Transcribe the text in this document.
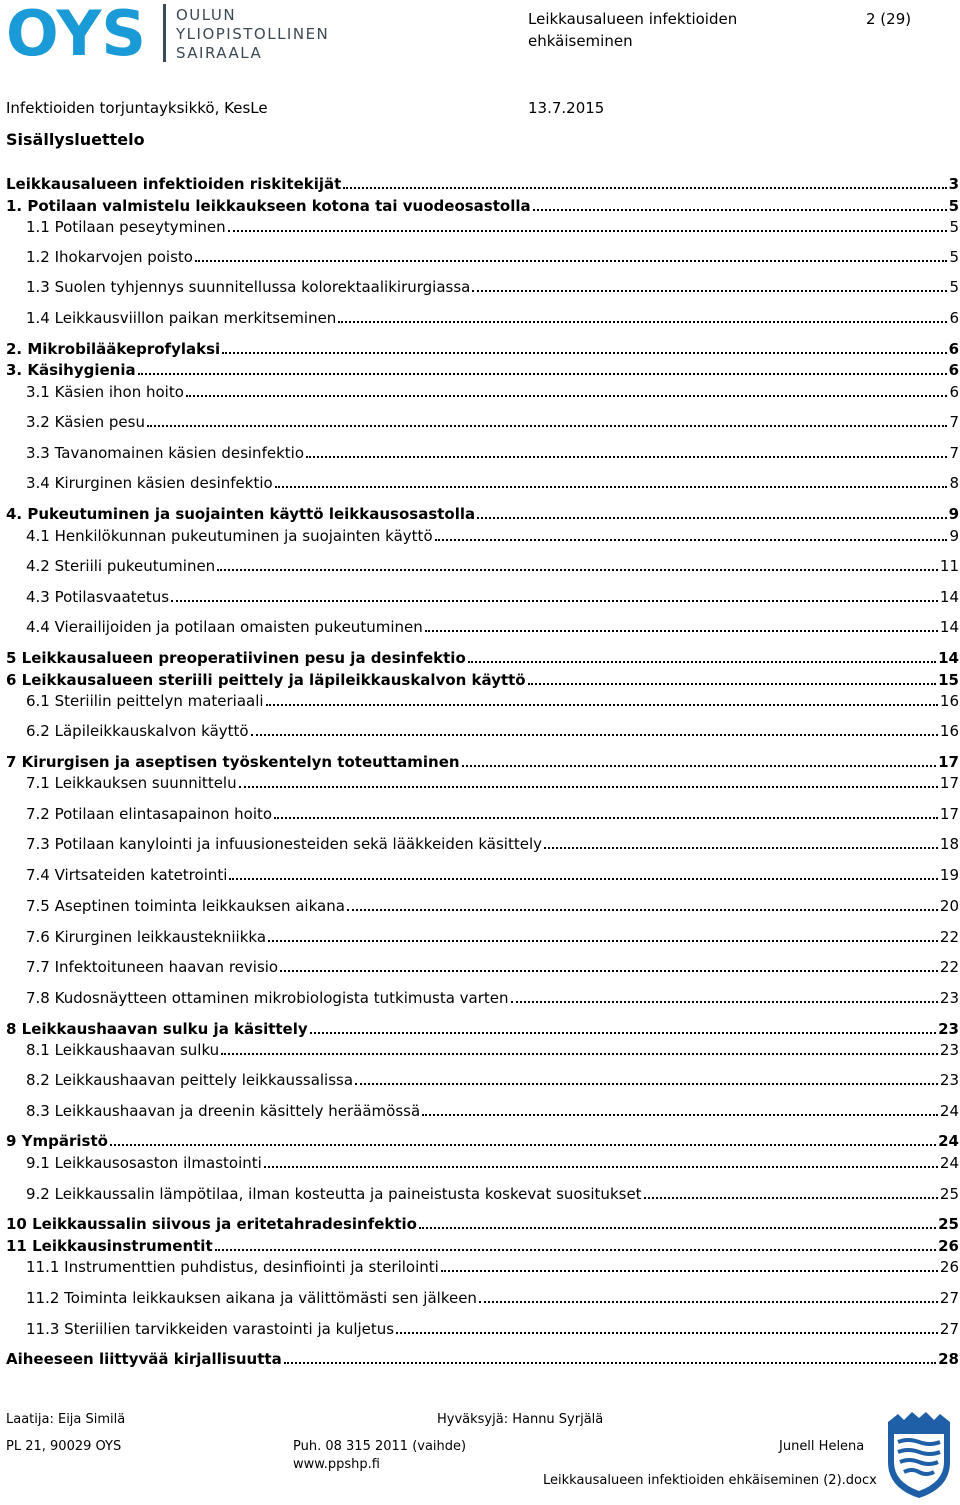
OYS OULUN
YLIOPISTOLLINEN
SAIRAALA
Leikkausalueen infektioiden ehkäiseminen
2 (29)
Infektioiden torjuntayksikkö, KesLe	13.7.2015
Sisällysluettelo
Leikkausalueen infektioiden riskitekijät	3
1. Potilaan valmistelu leikkaukseen kotona tai vuodeosastolla	5
1.1 Potilaan peseytyminen	5
1.2 Ihokarvojen poisto	5
1.3 Suolen tyhjennys suunnitellussa kolorektaalikirurgiassa	5
1.4 Leikkausviillon paikan merkitseminen	6
2. Mikrobilääkeprofylaksi	6
3. Käsihygienia	6
3.1 Käsien ihon hoito	6
3.2 Käsien pesu	7
3.3 Tavanomainen käsien desinfektio	7
3.4 Kirurginen käsien desinfektio	8
4. Pukeutuminen ja suojainten käyttö leikkausosastolla	9
4.1 Henkilökunnan pukeutuminen ja suojainten käyttö	9
4.2 Steriili pukeutuminen	11
4.3 Potilasvaatetus	14
4.4 Vierailijoiden ja potilaan omaisten pukeutuminen	14
5 Leikkausalueen preoperatiivinen pesu ja desinfektio	14
6 Leikkausalueen steriili peittely ja läpileikkauskalvon käyttö	15
6.1 Steriilin peittelyn materiaali	16
6.2 Läpileikkauskalvon käyttö	16
7 Kirurgisen ja aseptisen työskentelyn toteuttaminen	17
7.1 Leikkauksen suunnittelu	17
7.2 Potilaan elintasapainon hoito	17
7.3 Potilaan kanylointi ja infuusionesteiden sekä lääkkeiden käsittely	18
7.4 Virtsateiden katetrointi	19
7.5 Aseptinen toiminta leikkauksen aikana	20
7.6 Kirurginen leikkaustekniikka	22
7.7 Infektoituneen haavan revisio	22
7.8 Kudosnäytteen ottaminen mikrobiologista tutkimusta varten	23
8 Leikkaushaavan sulku ja käsittely	23
8.1 Leikkaushaavan sulku	23
8.2 Leikkaushaavan peittely leikkaussalissa	23
8.3 Leikkaushaavan ja dreenin käsittely heräämössä	24
9 Ympäristö	24
9.1 Leikkausosaston ilmastointi	24
9.2 Leikkaussalin lämpötilaa, ilman kosteutta ja paineistusta koskevat suositukset	25
10 Leikkaussalin siivous ja eritetahradesinfektio	25
11 Leikkausinstrumentit	26
11.1 Instrumenttien puhdistus, desinfiointi ja sterilointi	26
11.2 Toiminta leikkauksen aikana ja välittömästi sen jälkeen	27
11.3 Steriilien tarvikkeiden varastointi ja kuljetus	27
Aiheeseen liittyvää kirjallisuutta	28
Laatija: Eija Similä	Hyväksyjä: Hannu Syrjälä
PL 21, 90029 OYS	Puh. 08 315 2011 (vaihde)
www.ppshp.fi
Junell Helena
Leikkausalueen infektioiden ehkäiseminen (2).docx
